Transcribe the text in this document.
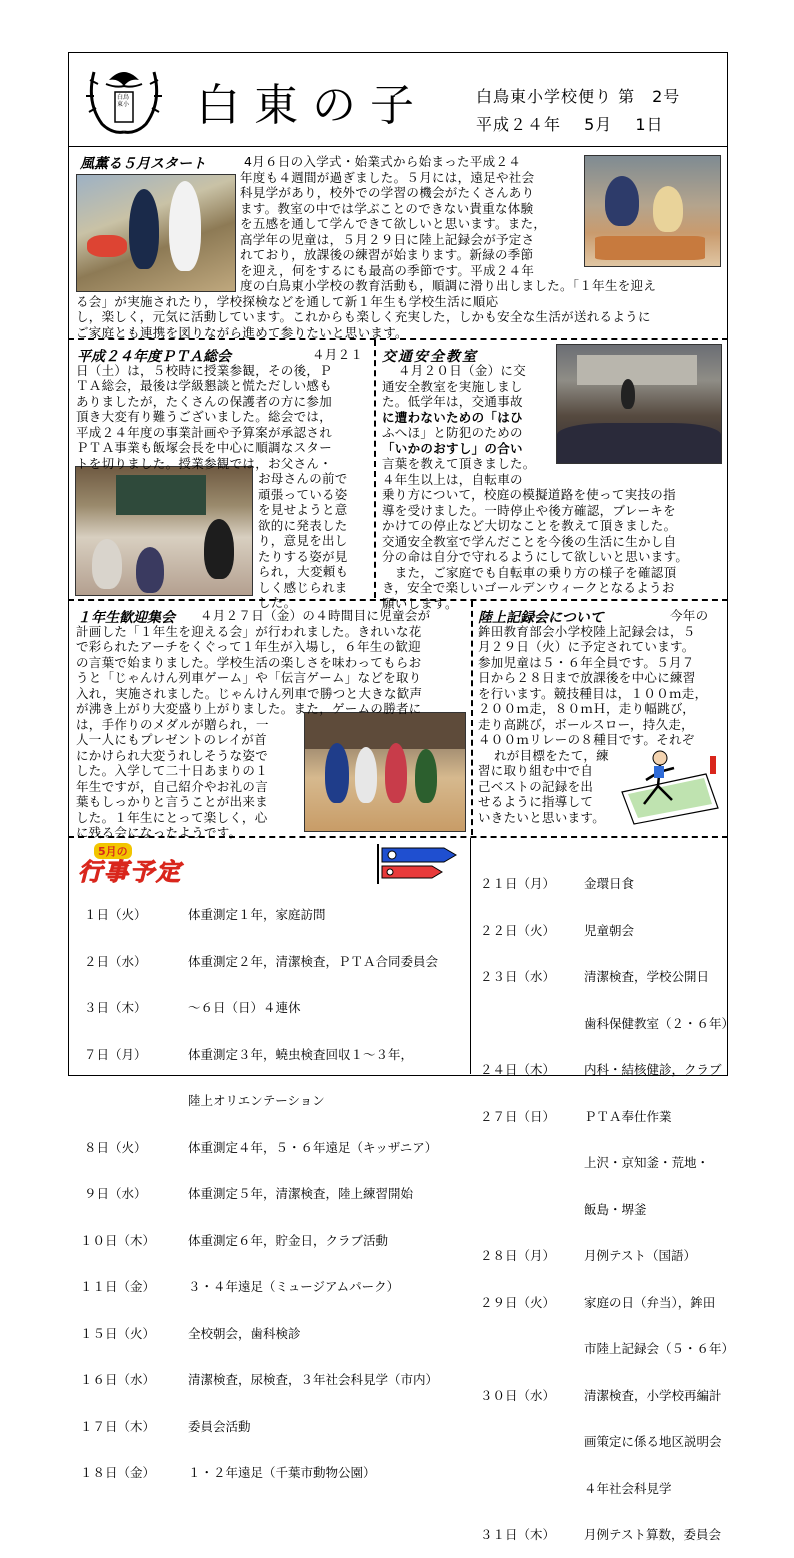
白鳥東小 白東の子	白鳥東小学校便り 第　2号
平成２４年　 5月　 1日
風薫る５月スタート	4月６日の入学式・始業式から始まった平成２４
年度も４週間が過ぎました。５月には，遠足や社会
科見学があり，校外での学習の機会がたくさんあり
ます。教室の中では学ぶことのできない貴重な体験
を五感を通して学んできて欲しいと思います。また，
高学年の児童は，５月２９日に陸上記録会が予定さ
れており，放課後の練習が始まります。新緑の季節
を迎え，何をするにも最高の季節です。平成２４年
度の白鳥東小学校の教育活動も，順調に滑り出しました。「１年生を迎え
る会」が実施されたり，学校探検などを通して新１年生も学校生活に順応
し，楽しく，元気に活動しています。これからも楽しく充実した，しかも安全な生活が送れるように
ご家庭とも連携を図りながら進めて参りたいと思います。
平成２４年度ＰＴＡ総会	４月２１
日（土）は，５校時に授業参観，その後，Ｐ
ＴＡ総会，最後は学級懇談と慌ただしい感も
ありましたが，たくさんの保護者の方に参加
頂き大変有り難うございました。総会では，
平成２４年度の事業計画や予算案が承認され
ＰＴＡ事業も飯塚会長を中心に順調なスター
トを切りました。授業参観では，お父さん・
お母さんの前で
頑張っている姿
を見せようと意
欲的に発表した
り，意見を出し
たりする姿が見
られ，大変頼も
しく感じられま
した。
交通安全教室
４月２０日（金）に交
通安全教室を実施しまし
た。低学年は，交通事故
に遭わないための「はひ
ふへほ」と防犯のための
「いかのおすし」の合い
言葉を教えて頂きました。
４年生以上は，自転車の
乗り方について，校庭の模擬道路を使って実技の指
導を受けました。一時停止や後方確認，ブレーキを
かけての停止など大切なことを教えて頂きました。
交通安全教室で学んだことを今後の生活に生かし自
分の命は自分で守れるようにして欲しいと思います。
　また，ご家庭でも自転車の乗り方の様子を確認頂
き，安全で楽しいゴールデンウィークとなるようお
願いします。
１年生歓迎集会	４月２７日（金）の４時間目に児童会が
計画した「１年生を迎える会」が行われました。きれいな花
で彩られたアーチをくぐって１年生が入場し，６年生の歓迎
の言葉で始まりました。学校生活の楽しさを味わってもらお
うと「じゃんけん列車ゲーム」や「伝言ゲーム」などを取り
入れ，実施されました。じゃんけん列車で勝つと大きな歓声
が沸き上がり大変盛り上がりました。また，ゲームの勝者に
は，手作りのメダルが贈られ，一
人一人にもプレゼントのレイが首
にかけられ大変うれしそうな姿で
した。入学して二十日あまりの１
年生ですが，自己紹介やお礼の言
葉もしっかりと言うことが出来ま
した。１年生にとって楽しく，心
に残る会になったようです。
陸上記録会について	今年の
鉾田教育部会小学校陸上記録会は，５
月２９日（火）に予定されています。
参加児童は５・６年全員です。５月７
日から２８日まで放課後を中心に練習
を行います。競技種目は，１００ｍ走，
２００ｍ走，８０ｍＨ，走り幅跳び，
走り高跳び，ボールスロー，持久走，
４００ｍリレーの８種目です。それぞ
れが目標をたて，練
習に取り組む中で自
己ベストの記録を出
せるように指導して
いきたいと思います。
5月の
行事予定

１日（火）	体重測定１年，家庭訪問

２日（水）	体重測定２年，清潔検査，ＰＴＡ合同委員会

３日（木）	～６日（日）４連休

７日（月）	体重測定３年，蟯虫検査回収１～３年，

陸上オリエンテーション

８日（火）	体重測定４年，５・６年遠足（キッザニア）

９日（水）	体重測定５年，清潔検査，陸上練習開始

１０日（木）	体重測定６年，貯金日，クラブ活動

１１日（金）	３・４年遠足（ミュージアムパーク）

１５日（火）	全校朝会，歯科検診

１６日（水）	清潔検査，尿検査，３年社会科見学（市内）

１７日（木）	委員会活動

１８日（金）	１・２年遠足（千葉市動物公園）

２１日（月）	金環日食

２２日（火）	児童朝会

２３日（水）	清潔検査，学校公開日

歯科保健教室（２・６年）

２４日（木）	内科・結核健診，クラブ

２７日（日）	ＰＴＡ奉仕作業

上沢・京知釜・荒地・

飯島・堺釜

２８日（月）	月例テスト（国語）

２９日（火）	家庭の日（弁当），鉾田

市陸上記録会（５・６年）

３０日（水）	清潔検査，小学校再編計

画策定に係る地区説明会

４年社会科見学

３１日（木）	月例テスト算数，委員会
